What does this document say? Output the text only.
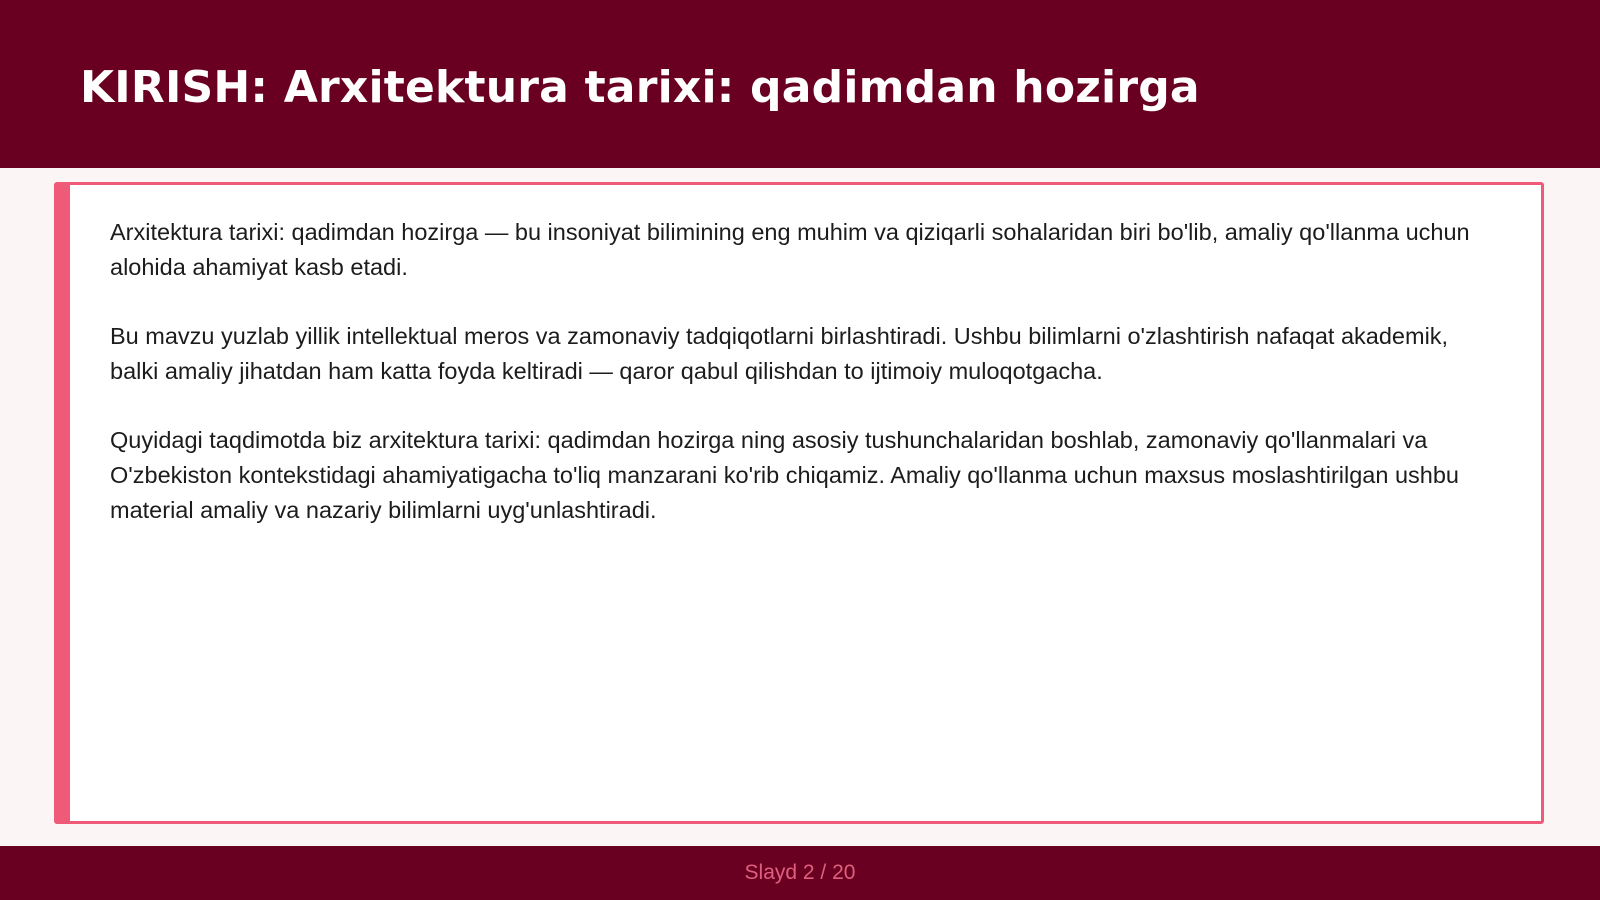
KIRISH: Arxitektura tarixi: qadimdan hozirga

Arxitektura tarixi: qadimdan hozirga — bu insoniyat bilimining eng muhim va qiziqarli sohalaridan biri bo'lib, amaliy qo'llanma uchun alohida ahamiyat kasb etadi.

Bu mavzu yuzlab yillik intellektual meros va zamonaviy tadqiqotlarni birlashtiradi. Ushbu bilimlarni o'zlashtirish nafaqat akademik, balki amaliy jihatdan ham katta foyda keltiradi — qaror qabul qilishdan to ijtimoiy muloqotgacha.

Quyidagi taqdimotda biz arxitektura tarixi: qadimdan hozirga ning asosiy tushunchalaridan boshlab, zamonaviy qo'llanmalari va O'zbekiston kontekstidagi ahamiyatigacha to'liq manzarani ko'rib chiqamiz. Amaliy qo'llanma uchun maxsus moslashtirilgan ushbu material amaliy va nazariy bilimlarni uyg'unlashtiradi.

Slayd 2 / 20
